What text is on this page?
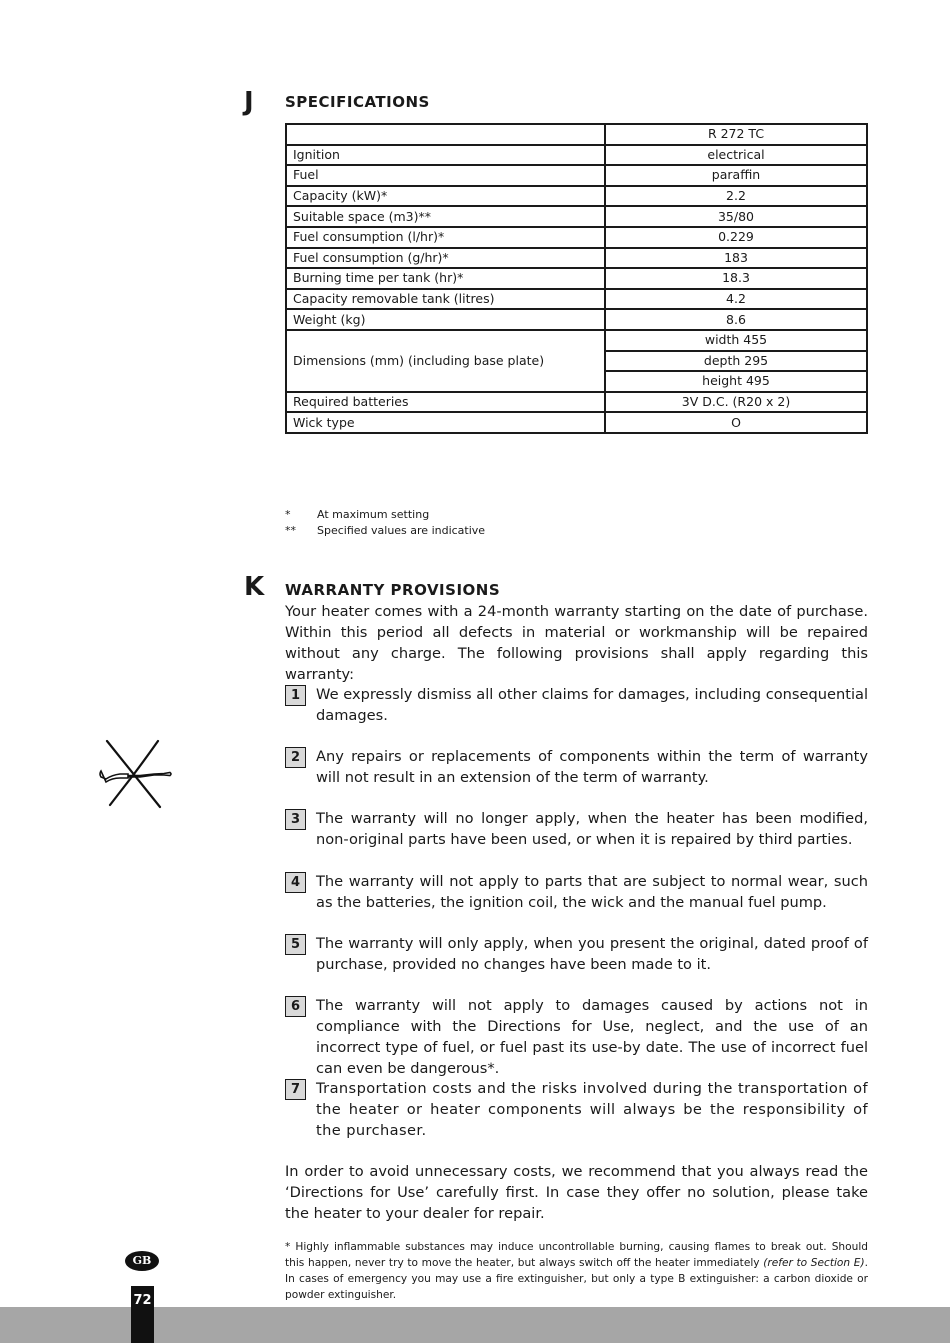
J SPECIFICATIONS
	R 272 TC
Ignition	electrical
Fuel	paraffin
Capacity (kW)*	2.2
Suitable space (m3)**	35/80
Fuel consumption (l/hr)*	0.229
Fuel consumption (g/hr)*	183
Burning time per tank (hr)*	18.3
Capacity removable tank (litres)	4.2
Weight (kg)	8.6
Dimensions (mm) (including base plate)	width 455
	depth 295
	height 495
Required batteries	3V D.C. (R20 x 2)
Wick type	O
*	At maximum setting
**	Specified values are indicative
K WARRANTY PROVISIONS
Your heater comes with a 24-month warranty starting on the date of purchase. Within this period all defects in material or workmanship will be repaired without any charge. The following provisions shall apply regarding this warranty:
1	We expressly dismiss all other claims for damages, including consequential damages.
2	Any repairs or replacements of components within the term of warranty will not result in an extension of the term of warranty.
3	The warranty will no longer apply, when the heater has been modified, non-original parts have been used, or when it is repaired by third parties.
4	The warranty will not apply to parts that are subject to normal wear, such as the batteries, the ignition coil, the wick and the manual fuel pump.
5	The warranty will only apply, when you present the original, dated proof of purchase, provided no changes have been made to it.
6	The warranty will not apply to damages caused by actions not in compliance with the Directions for Use, neglect, and the use of an incorrect type of fuel, or fuel past its use-by date. The use of incorrect fuel can even be dangerous*.
7	Transportation costs and the risks involved during the transportation of the heater or heater components will always be the responsibility of the purchaser.
In order to avoid unnecessary costs, we recommend that you always read the ‘Directions for Use’ carefully first. In case they offer no solution, please take the heater to your dealer for repair.
* Highly inflammable substances may induce uncontrollable burning, causing flames to break out. Should this happen, never try to move the heater, but always switch off the heater immediately (refer to Section E). In cases of emergency you may use a fire extinguisher, but only a type B extinguisher: a carbon dioxide or powder extinguisher.
GB
72
